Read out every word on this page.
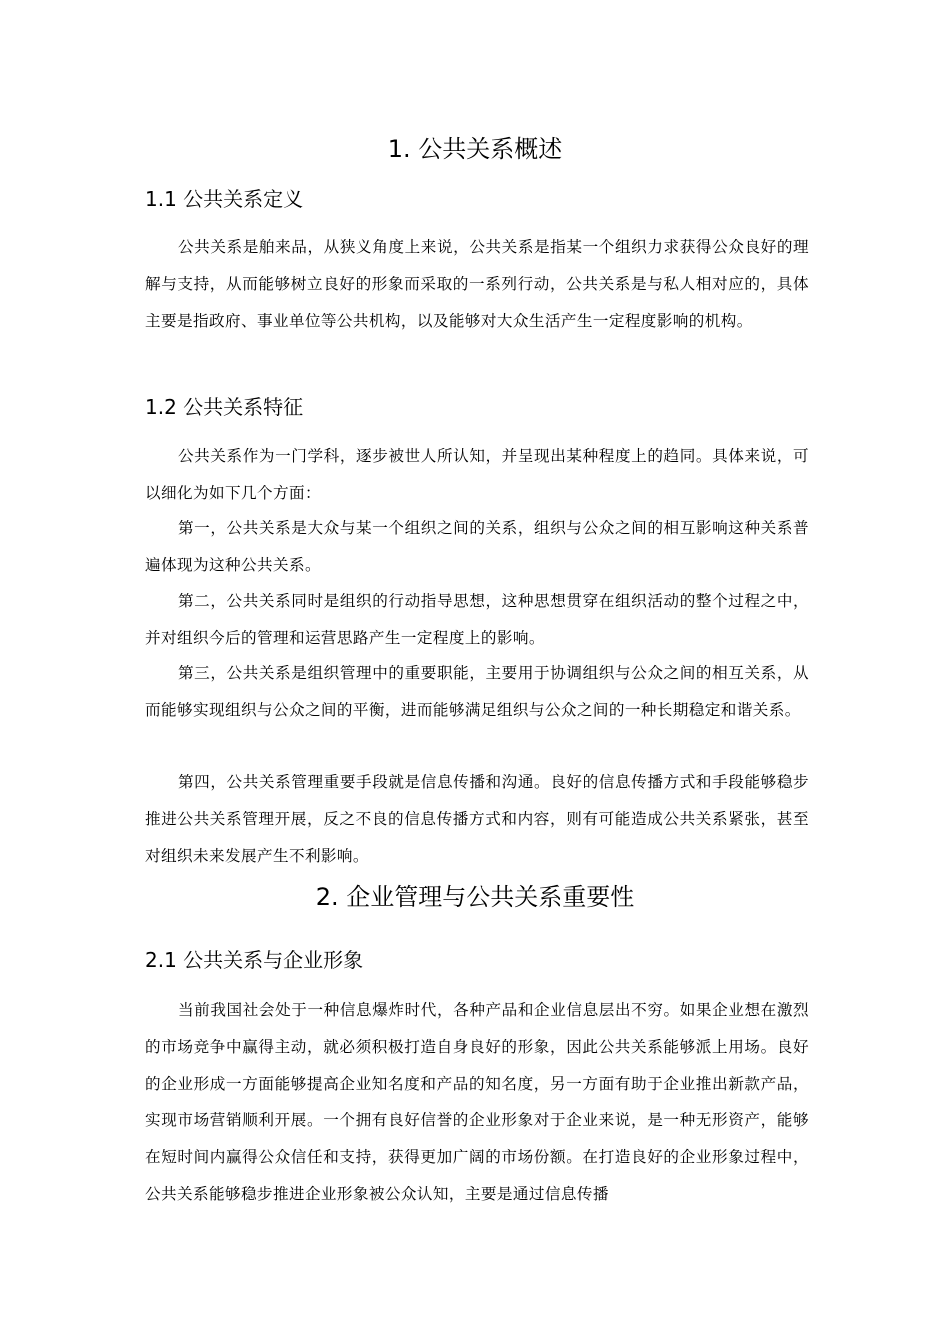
1. 公共关系概述
1.1 公共关系定义

公共关系是舶来品，从狭义角度上来说，公共关系是指某一个组织力求获得公众良好的理解与支持，从而能够树立良好的形象而采取的一系列行动，公共关系是与私人相对应的，具体主要是指政府、事业单位等公共机构，以及能够对大众生活产生一定程度影响的机构。

1.2 公共关系特征

公共关系作为一门学科，逐步被世人所认知，并呈现出某种程度上的趋同。具体来说，可以细化为如下几个方面：

第一，公共关系是大众与某一个组织之间的关系，组织与公众之间的相互影响这种关系普遍体现为这种公共关系。

第二，公共关系同时是组织的行动指导思想，这种思想贯穿在组织活动的整个过程之中，并对组织今后的管理和运营思路产生一定程度上的影响。

第三，公共关系是组织管理中的重要职能，主要用于协调组织与公众之间的相互关系，从而能够实现组织与公众之间的平衡，进而能够满足组织与公众之间的一种长期稳定和谐关系。

第四，公共关系管理重要手段就是信息传播和沟通。良好的信息传播方式和手段能够稳步推进公共关系管理开展，反之不良的信息传播方式和内容，则有可能造成公共关系紧张，甚至对组织未来发展产生不利影响。

2. 企业管理与公共关系重要性
2.1 公共关系与企业形象

当前我国社会处于一种信息爆炸时代，各种产品和企业信息层出不穷。如果企业想在激烈的市场竞争中赢得主动，就必须积极打造自身良好的形象，因此公共关系能够派上用场。良好的企业形成一方面能够提高企业知名度和产品的知名度，另一方面有助于企业推出新款产品，实现市场营销顺利开展。一个拥有良好信誉的企业形象对于企业来说，是一种无形资产，能够在短时间内赢得公众信任和支持，获得更加广阔的市场份额。在打造良好的企业形象过程中，公共关系能够稳步推进企业形象被公众认知，主要是通过信息传播
